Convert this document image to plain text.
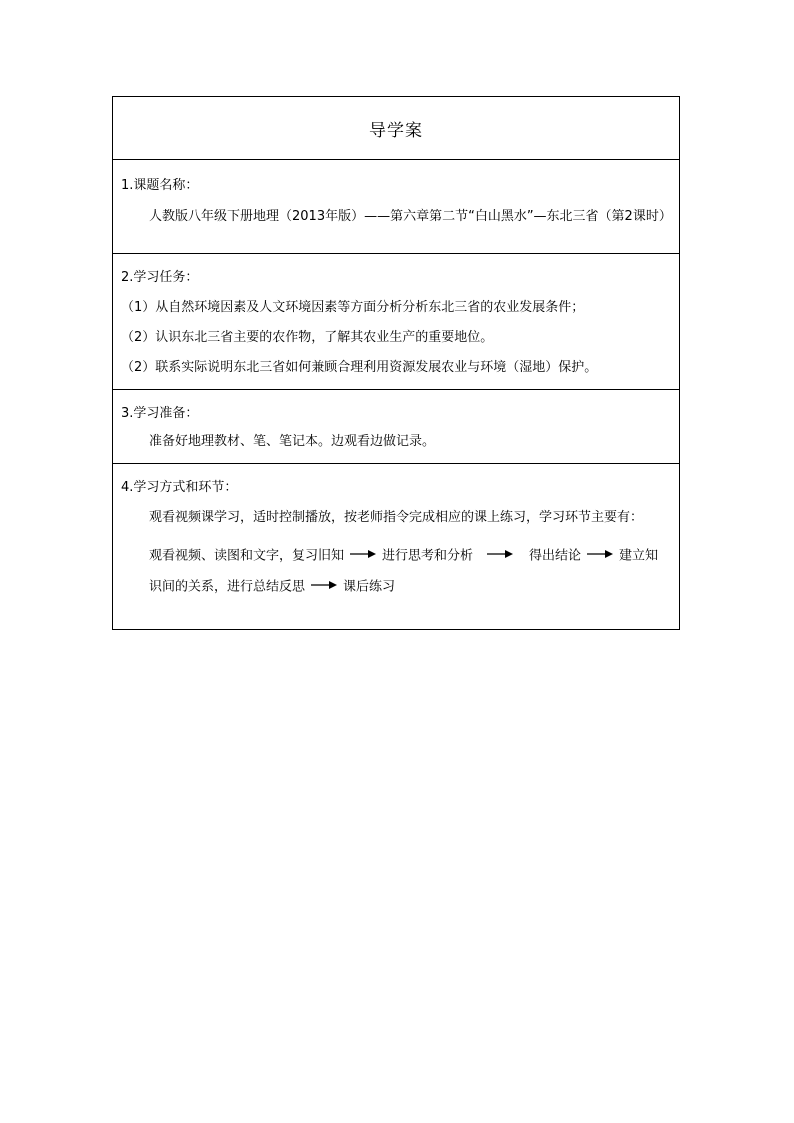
导学案

1.课题名称：
人教版八年级下册地理（2013年版）——第六章第二节“白山黑水”—东北三省（第2课时）

2.学习任务：
（1）从自然环境因素及人文环境因素等方面分析分析东北三省的农业发展条件；
（2）认识东北三省主要的农作物，了解其农业生产的重要地位。
（2）联系实际说明东北三省如何兼顾合理利用资源发展农业与环境（湿地）保护。

3.学习准备：
准备好地理教材、笔、笔记本。边观看边做记录。

4.学习方式和环节：
观看视频课学习，适时控制播放，按老师指令完成相应的课上练习，学习环节主要有：
观看视频、读图和文字，复习旧知	进行思考和分析	得出结论	建立知识间的关系，进行总结反思	课后练习
